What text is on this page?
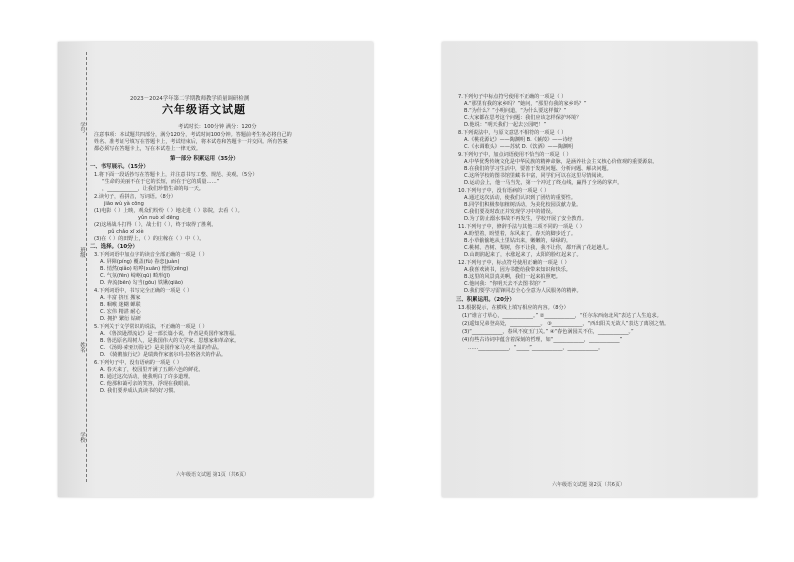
学号
班级
姓名
学校
2023－2024学年第二学期教师教学质量调研检测
六年级语文试题
考试时长：100分钟 满分：120分
注意事项：本试题共四部分，满分120分，考试时间100分钟。答题前考生务必将自己的
姓名、准考证号填写在答题卡上，考试结束后，将本试卷和答题卡一并交回。所有答案
都必须写在答题卡上，写在本试卷上一律无效。
第一部分 积累运用（35分）
一、书写展示。（15分）
1.将下面一段话抄写在答题卡上，并注意书写工整、规范、美观。（5分）
“生命的美丽不在于它的长短，而在于它的质量……”
，____________，让我们珍惜生命的每一天。
2.读句子，看拼音，写词语。（8分）
jiāo wù yà cōng
(1)电影（ ）上映，观众们纷纷（ ）地走进（ ）影院，去看（ ）。
yǔn nuò xǐ dēng
(2)这场战斗打得（ ），战士们（ ），终于取得了胜利。
pǔ chǎo xī xiè
(3)在（ ）的田野上，（ ）的庄稼在（ ）中（ ）。
二、选择。（10分）
3.下列词语中加点字的读音全部正确的一项是（ ）
A. 屏障(píng) 覆盖(fù) 眷恋(juàn)
B. 悄然(qiǎo) 喧哗(xuān) 憎恨(zēng)
C. 气氛(fēn) 崎岖(qū) 畸形(jī)
D. 奔流(bēn) 勾当(gōu) 铁锹(qiāo)
4.下列词语中，书写完全正确的一项是（ ）
A. 丰富 挤压 搬家
B. 咽喉 迷糊 蝉联
C. 宏伟 精湛 耐心
D. 拥护 繁衍 钻研
5.下列关于文学常识的说法，不正确的一项是（ ）
A. 《鲁滨逊漂流记》是一部长篇小说，作者是英国作家笛福。
B. 鲁迅原名周树人，是我国伟大的文学家、思想家和革命家。
C. 《汤姆·索亚历险记》是美国作家马克·吐温的作品。
D. 《骑鹅旅行记》是瑞典作家塞尔玛·拉格洛夫的作品。
6.下列句子中，没有语病的一项是（ ）
A. 春天来了，校园里开满了五颜六色的鲜花。
B. 通过这次活动，使我明白了许多道理。
C. 他那和蔼可亲的笑容，浮现在我眼前。
D. 我们要养成认真读书的好习惯。
六年级语文试题 第1页（共6页）
7.下列句子中标点符号使用不正确的一项是（ ）
A.“那里有我的家乡吗？”她问，“那里有我的家乡吗？”
B.“为什么？”小明问道，“为什么要这样做？”
C.大家都在思考这个问题：我们应该怎样保护环境？
D.他说：“明天我们一起去公园吧！”
8.下列说法中，与原文意思不相符的一项是（ ）
A.《桃花源记》——陶渊明 B.《蒹葭》——诗经
C.《水调歌头》——苏轼 D.《饮酒》——陶渊明
9.下列句子中，加点词语使用不恰当的一项是（ ）
A.中华优秀传统文化是中华民族的精神命脉，是涵养社会主义核心价值观的重要源泉。
B.在我们的学习生活中，要善于发现问题、分析问题、解决问题。
C.这所学校的图书馆里藏书丰富，同学们可以在这里尽情阅读。
D.运动会上，他一马当先，第一个冲过了终点线，赢得了全场的掌声。
10.下列句子中，没有语病的一项是（ ）
A.通过这次活动，使我们认识到了团结的重要性。
B.同学们积极参加植树活动，为美化校园贡献力量。
C.我们要及时改正并发现学习中的错误。
D.为了防止溺水事故不再发生，学校开展了安全教育。
11.下列句子中，修辞手法与其他三项不同的一项是（ ）
A.盼望着，盼望着，东风来了，春天的脚步近了。
B.小草偷偷地从土里钻出来，嫩嫩的，绿绿的。
C.桃树、杏树、梨树，你不让我，我不让你，都开满了花赶趟儿。
D.山朗润起来了，水涨起来了，太阳的脸红起来了。
12.下列句子中，标点符号使用正确的一项是（ ）
A.我喜欢读书，因为书能给我带来知识和快乐。
B.这里的风景真美啊，我们一起来拍照吧。
C.他问我：“你明天去不去图书馆？”
D.我们要学习雷锋同志全心全意为人民服务的精神。
三、积累运用。（20分）
13.根据提示，在横线上填写相应的内容。（8分）
(1)“谁言寸草心，____________。” ②____________，“任尔东西南北风”表达了人生追求。
(2)遥知兄弟登高处，____________。 ③____________，“西出阳关无故人”表达了离别之情。
(3)“____________，春风不度玉门关。” ④“春色满园关不住，____________。”
(4)有些古诗词中蕴含着深刻的哲理，如“____________，____________”
……____________，“_____”____________，____________。
六年级语文试题 第2页（共6页）
